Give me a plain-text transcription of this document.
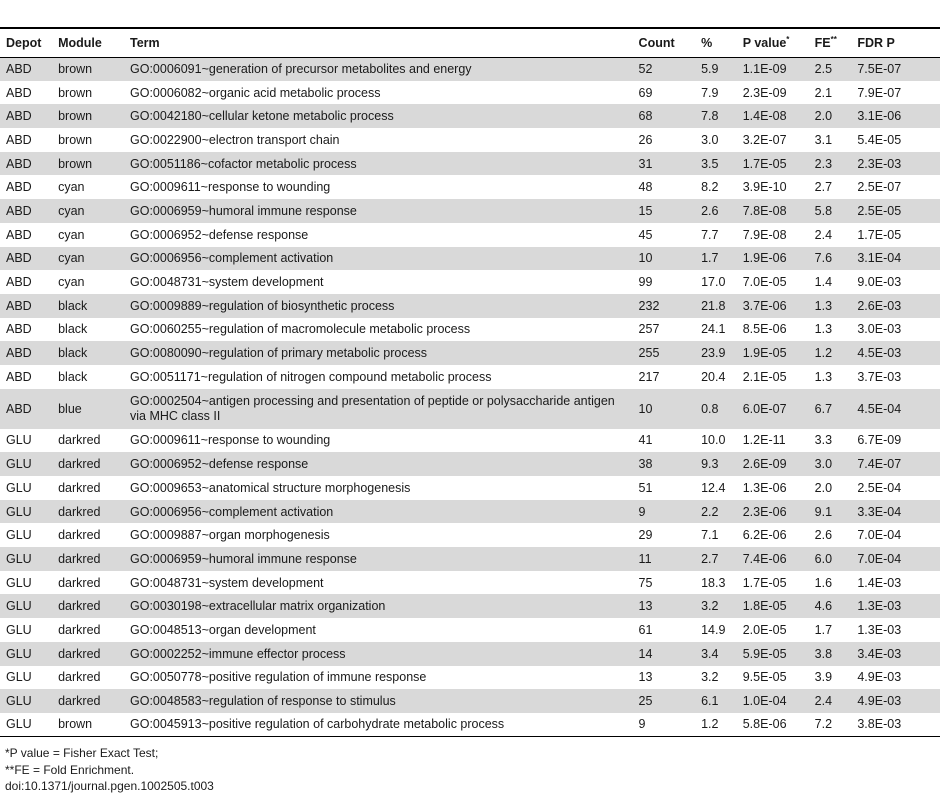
Depot	Module	Term	Count	%	P value*	FE**	FDR P
ABD	brown	GO:0006091~generation of precursor metabolites and energy	52	5.9	1.1E-09	2.5	7.5E-07
ABD	brown	GO:0006082~organic acid metabolic process	69	7.9	2.3E-09	2.1	7.9E-07
ABD	brown	GO:0042180~cellular ketone metabolic process	68	7.8	1.4E-08	2.0	3.1E-06
ABD	brown	GO:0022900~electron transport chain	26	3.0	3.2E-07	3.1	5.4E-05
ABD	brown	GO:0051186~cofactor metabolic process	31	3.5	1.7E-05	2.3	2.3E-03
ABD	cyan	GO:0009611~response to wounding	48	8.2	3.9E-10	2.7	2.5E-07
ABD	cyan	GO:0006959~humoral immune response	15	2.6	7.8E-08	5.8	2.5E-05
ABD	cyan	GO:0006952~defense response	45	7.7	7.9E-08	2.4	1.7E-05
ABD	cyan	GO:0006956~complement activation	10	1.7	1.9E-06	7.6	3.1E-04
ABD	cyan	GO:0048731~system development	99	17.0	7.0E-05	1.4	9.0E-03
ABD	black	GO:0009889~regulation of biosynthetic process	232	21.8	3.7E-06	1.3	2.6E-03
ABD	black	GO:0060255~regulation of macromolecule metabolic process	257	24.1	8.5E-06	1.3	3.0E-03
ABD	black	GO:0080090~regulation of primary metabolic process	255	23.9	1.9E-05	1.2	4.5E-03
ABD	black	GO:0051171~regulation of nitrogen compound metabolic process	217	20.4	2.1E-05	1.3	3.7E-03
ABD	blue	GO:0002504~antigen processing and presentation of peptide or polysaccharide antigen via MHC class II	10	0.8	6.0E-07	6.7	4.5E-04
GLU	darkred	GO:0009611~response to wounding	41	10.0	1.2E-11	3.3	6.7E-09
GLU	darkred	GO:0006952~defense response	38	9.3	2.6E-09	3.0	7.4E-07
GLU	darkred	GO:0009653~anatomical structure morphogenesis	51	12.4	1.3E-06	2.0	2.5E-04
GLU	darkred	GO:0006956~complement activation	9	2.2	2.3E-06	9.1	3.3E-04
GLU	darkred	GO:0009887~organ morphogenesis	29	7.1	6.2E-06	2.6	7.0E-04
GLU	darkred	GO:0006959~humoral immune response	11	2.7	7.4E-06	6.0	7.0E-04
GLU	darkred	GO:0048731~system development	75	18.3	1.7E-05	1.6	1.4E-03
GLU	darkred	GO:0030198~extracellular matrix organization	13	3.2	1.8E-05	4.6	1.3E-03
GLU	darkred	GO:0048513~organ development	61	14.9	2.0E-05	1.7	1.3E-03
GLU	darkred	GO:0002252~immune effector process	14	3.4	5.9E-05	3.8	3.4E-03
GLU	darkred	GO:0050778~positive regulation of immune response	13	3.2	9.5E-05	3.9	4.9E-03
GLU	darkred	GO:0048583~regulation of response to stimulus	25	6.1	1.0E-04	2.4	4.9E-03
GLU	brown	GO:0045913~positive regulation of carbohydrate metabolic process	9	1.2	5.8E-06	7.2	3.8E-03
*P value = Fisher Exact Test;
**FE = Fold Enrichment.
doi:10.1371/journal.pgen.1002505.t003
